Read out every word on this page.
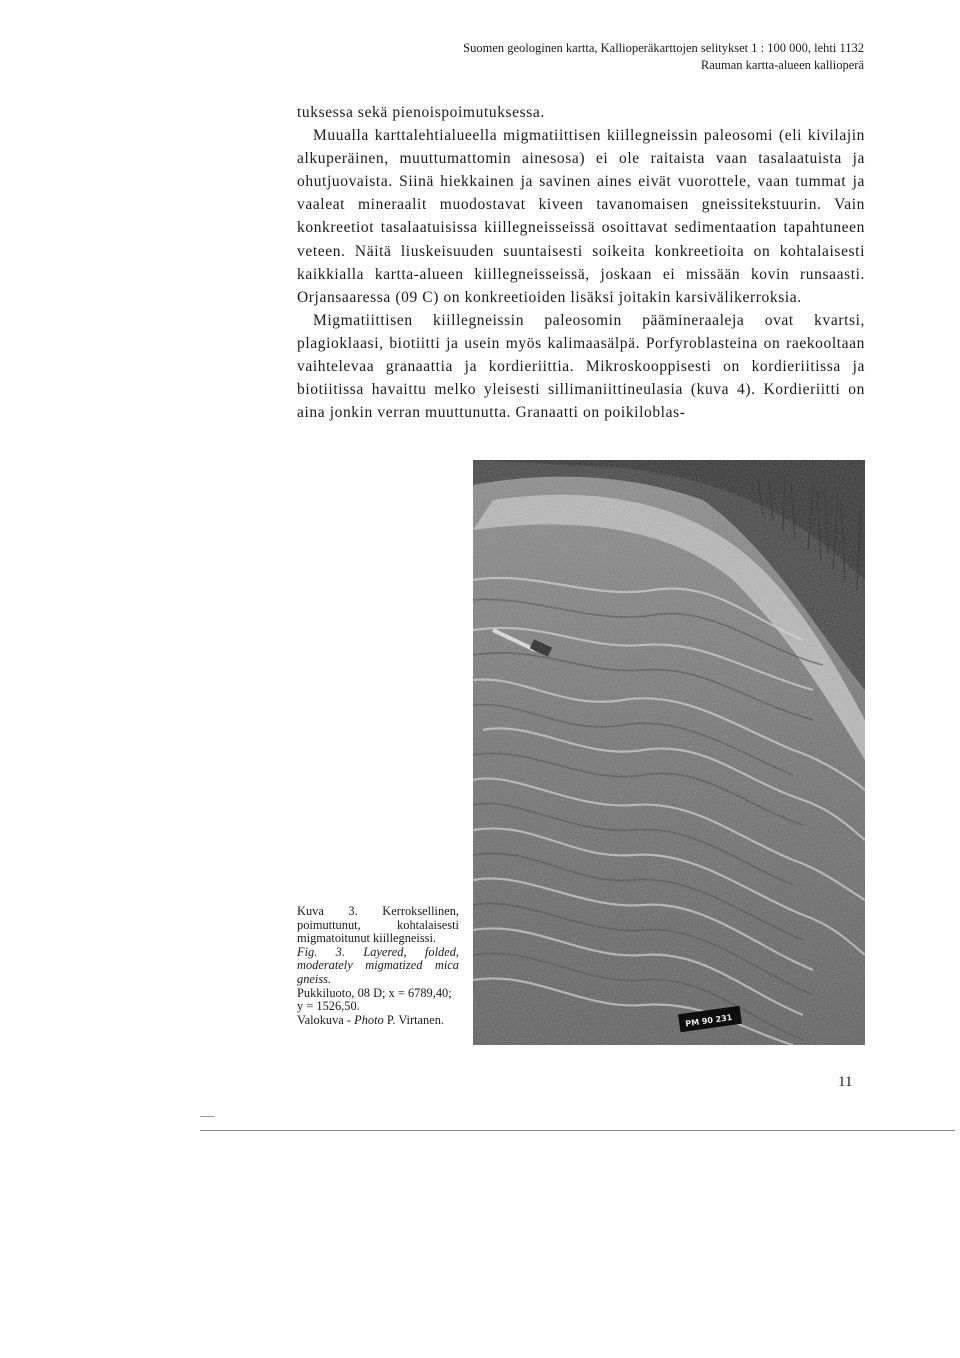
Suomen geologinen kartta, Kallioperäkarttojen selitykset 1 : 100 000, lehti 1132
Rauman kartta-alueen kallioperä

tuksessa sekä pienoispoimutuksessa.

Muualla karttalehtialueella migmatiittisen kiillegneissin paleosomi (eli kivilajin alkuperäinen, muuttumattomin ainesosa) ei ole raitaista vaan tasalaatuista ja ohutjuovaista. Siinä hiekkainen ja savinen aines eivät vuorottele, vaan tummat ja vaaleat mineraalit muodostavat kiveen tavanomaisen gneissitekstuurin. Vain konkreetiot tasalaatuisissa kiillegneisseissä osoittavat sedimentaation tapahtuneen veteen. Näitä liuskeisuuden suuntaisesti soikeita konkreetioita on kohtalaisesti kaikkialla kartta-alueen kiillegneisseissä, joskaan ei missään kovin runsaasti. Orjansaaressa (09 C) on konkreetioiden lisäksi joitakin karsivälikerroksia.

Migmatiittisen kiillegneissin paleosomin päämineraaleja ovat kvartsi, plagioklaasi, biotiitti ja usein myös kalimaasälpä. Porfyroblasteina on raekooltaan vaihtelevaa granaattia ja kordieriittia. Mikroskooppisesti on kordieriitissa ja biotiitissa havaittu melko yleisesti sillimaniittineulasia (kuva 4). Kordieriitti on aina jonkin verran muuttunutta. Granaatti on poikiloblas-

PM 90 231
Kuva 3. Kerroksellinen, poimuttunut, kohtalaisesti migmatoitunut kiillegneissi.
Fig. 3. Layered, folded, moderately migmatized mica gneiss.
Pukkiluoto, 08 D; x = 6789,40; y = 1526,50.
Valokuva - Photo P. Virtanen.
11
